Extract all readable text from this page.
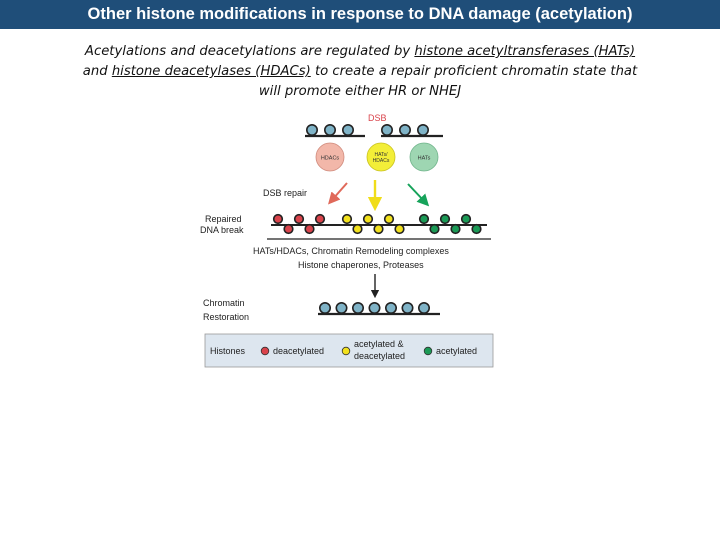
Other histone modifications in response to DNA damage (acetylation)
Acetylations and deacetylations are regulated by histone acetyltransferases (HATs)
and histone deacetylases (HDACs) to create a repair proficient chromatin state that
will promote either HR or NHEJ
DSB
HDACs
HATs/
HDACs	HATs
DSB repair
Repaired
DNA break
HATs/HDACs, Chromatin Remodeling complexes
Histone chaperones, Proteases
Chromatin
Restoration
Histones	deacetylated
acetylated &
deacetylated	acetylated
